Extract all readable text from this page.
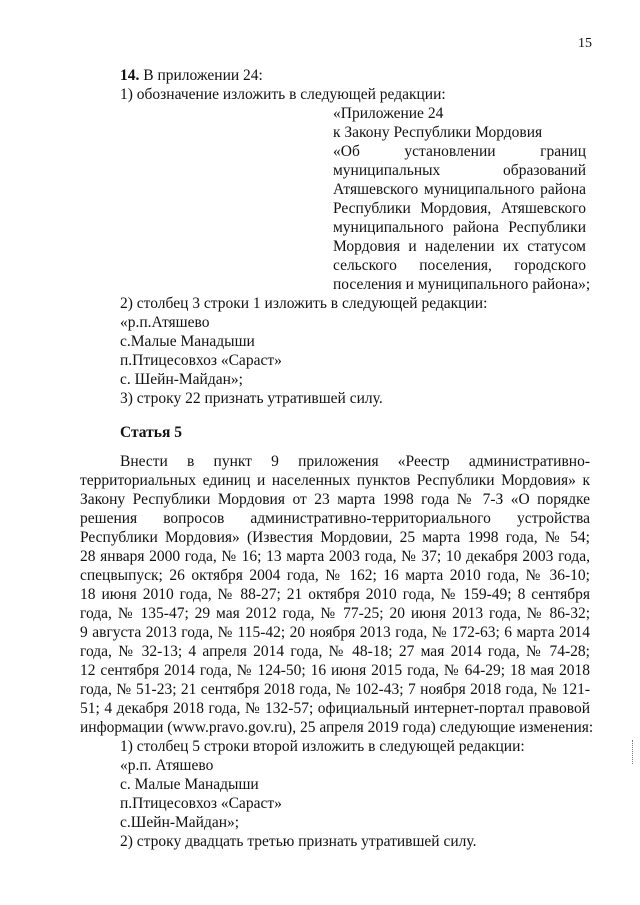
15
14. В приложении 24:
1) обозначение изложить в следующей редакции:
«Приложение 24
к Закону Республики Мордовия
«Об установлении границ
муниципальных образований
Атяшевского муниципального района
Республики Мордовия, Атяшевского
муниципального района Республики
Мордовия и наделении их статусом
сельского поселения, городского
поселения и муниципального района»;
2) столбец 3 строки 1 изложить в следующей редакции:
«р.п.Атяшево
с.Малые Манадыши
п.Птицесовхоз «Сараст»
с. Шейн-Майдан»;
3) строку 22 признать утратившей силу.
Статья 5
Внести в пункт 9 приложения «Реестр административно-
территориальных единиц и населенных пунктов Республики Мордовия» к
Закону Республики Мордовия от 23 марта 1998 года № 7-З «О порядке
решения вопросов административно-территориального устройства
Республики Мордовия» (Известия Мордовии, 25 марта 1998 года, № 54;
28 января 2000 года, № 16; 13 марта 2003 года, № 37; 10 декабря 2003 года,
спецвыпуск; 26 октября 2004 года, № 162; 16 марта 2010 года, № 36-10;
18 июня 2010 года, № 88-27; 21 октября 2010 года, № 159-49; 8 сентября
года, № 135-47; 29 мая 2012 года, № 77-25; 20 июня 2013 года, № 86-32;
9 августа 2013 года, № 115-42; 20 ноября 2013 года, № 172-63; 6 марта 2014
года, № 32-13; 4 апреля 2014 года, № 48-18; 27 мая 2014 года, № 74-28;
12 сентября 2014 года, № 124-50; 16 июня 2015 года, № 64-29; 18 мая 2018
года, № 51-23; 21 сентября 2018 года, № 102-43; 7 ноября 2018 года, № 121-
51; 4 декабря 2018 года, № 132-57; официальный интернет-портал правовой
информации (www.pravo.gov.ru), 25 апреля 2019 года) следующие изменения:
1) столбец 5 строки второй изложить в следующей редакции:
«р.п. Атяшево
с. Малые Манадыши
п.Птицесовхоз «Сараст»
с.Шейн-Майдан»;
2) строку двадцать третью признать утратившей силу.
